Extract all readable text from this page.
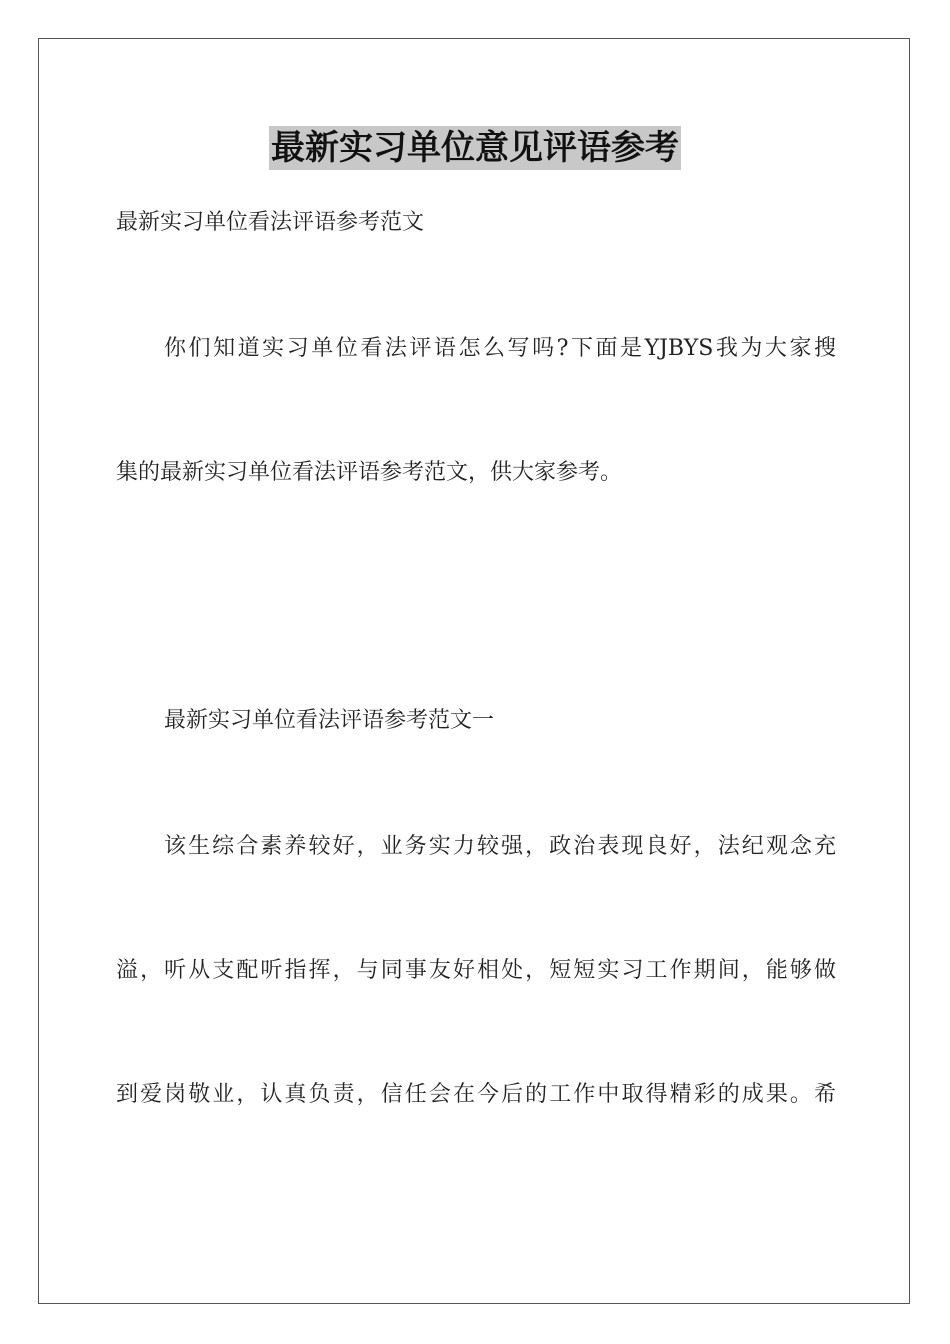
最新实习单位意见评语参考
最新实习单位看法评语参考范文
你们知道实习单位看法评语怎么写吗?下面是YJBYS我为大家搜
集的最新实习单位看法评语参考范文，供大家参考。
最新实习单位看法评语参考范文一
该生综合素养较好，业务实力较强，政治表现良好，法纪观念充
溢，听从支配听指挥，与同事友好相处，短短实习工作期间，能够做
到爱岗敬业，认真负责，信任会在今后的工作中取得精彩的成果。希
